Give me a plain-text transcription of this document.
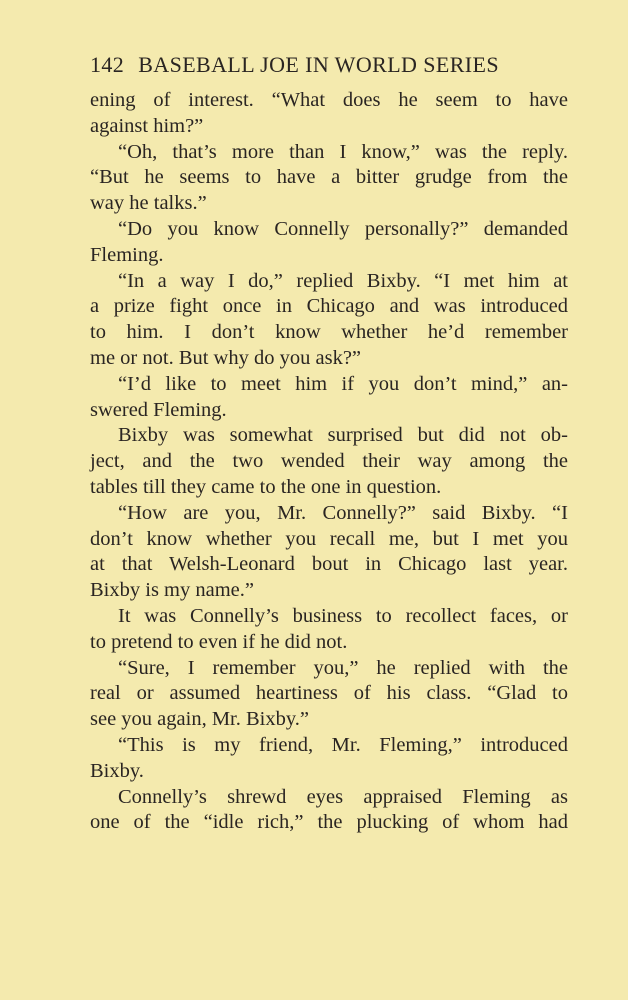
142 BASEBALL JOE IN WORLD SERIES
ening of interest. “What does he seem to have
against him?”
“Oh, that’s more than I know,” was the reply.
“But he seems to have a bitter grudge from the
way he talks.”
“Do you know Connelly personally?” demanded
Fleming.
“In a way I do,” replied Bixby. “I met him at
a prize fight once in Chicago and was introduced
to him. I don’t know whether he’d remember
me or not. But why do you ask?”
“I’d like to meet him if you don’t mind,” an-
swered Fleming.
Bixby was somewhat surprised but did not ob-
ject, and the two wended their way among the
tables till they came to the one in question.
“How are you, Mr. Connelly?” said Bixby. “I
don’t know whether you recall me, but I met you
at that Welsh-Leonard bout in Chicago last year.
Bixby is my name.”
It was Connelly’s business to recollect faces, or
to pretend to even if he did not.
“Sure, I remember you,” he replied with the
real or assumed heartiness of his class. “Glad to
see you again, Mr. Bixby.”
“This is my friend, Mr. Fleming,” introduced
Bixby.
Connelly’s shrewd eyes appraised Fleming as
one of the “idle rich,” the plucking of whom had
